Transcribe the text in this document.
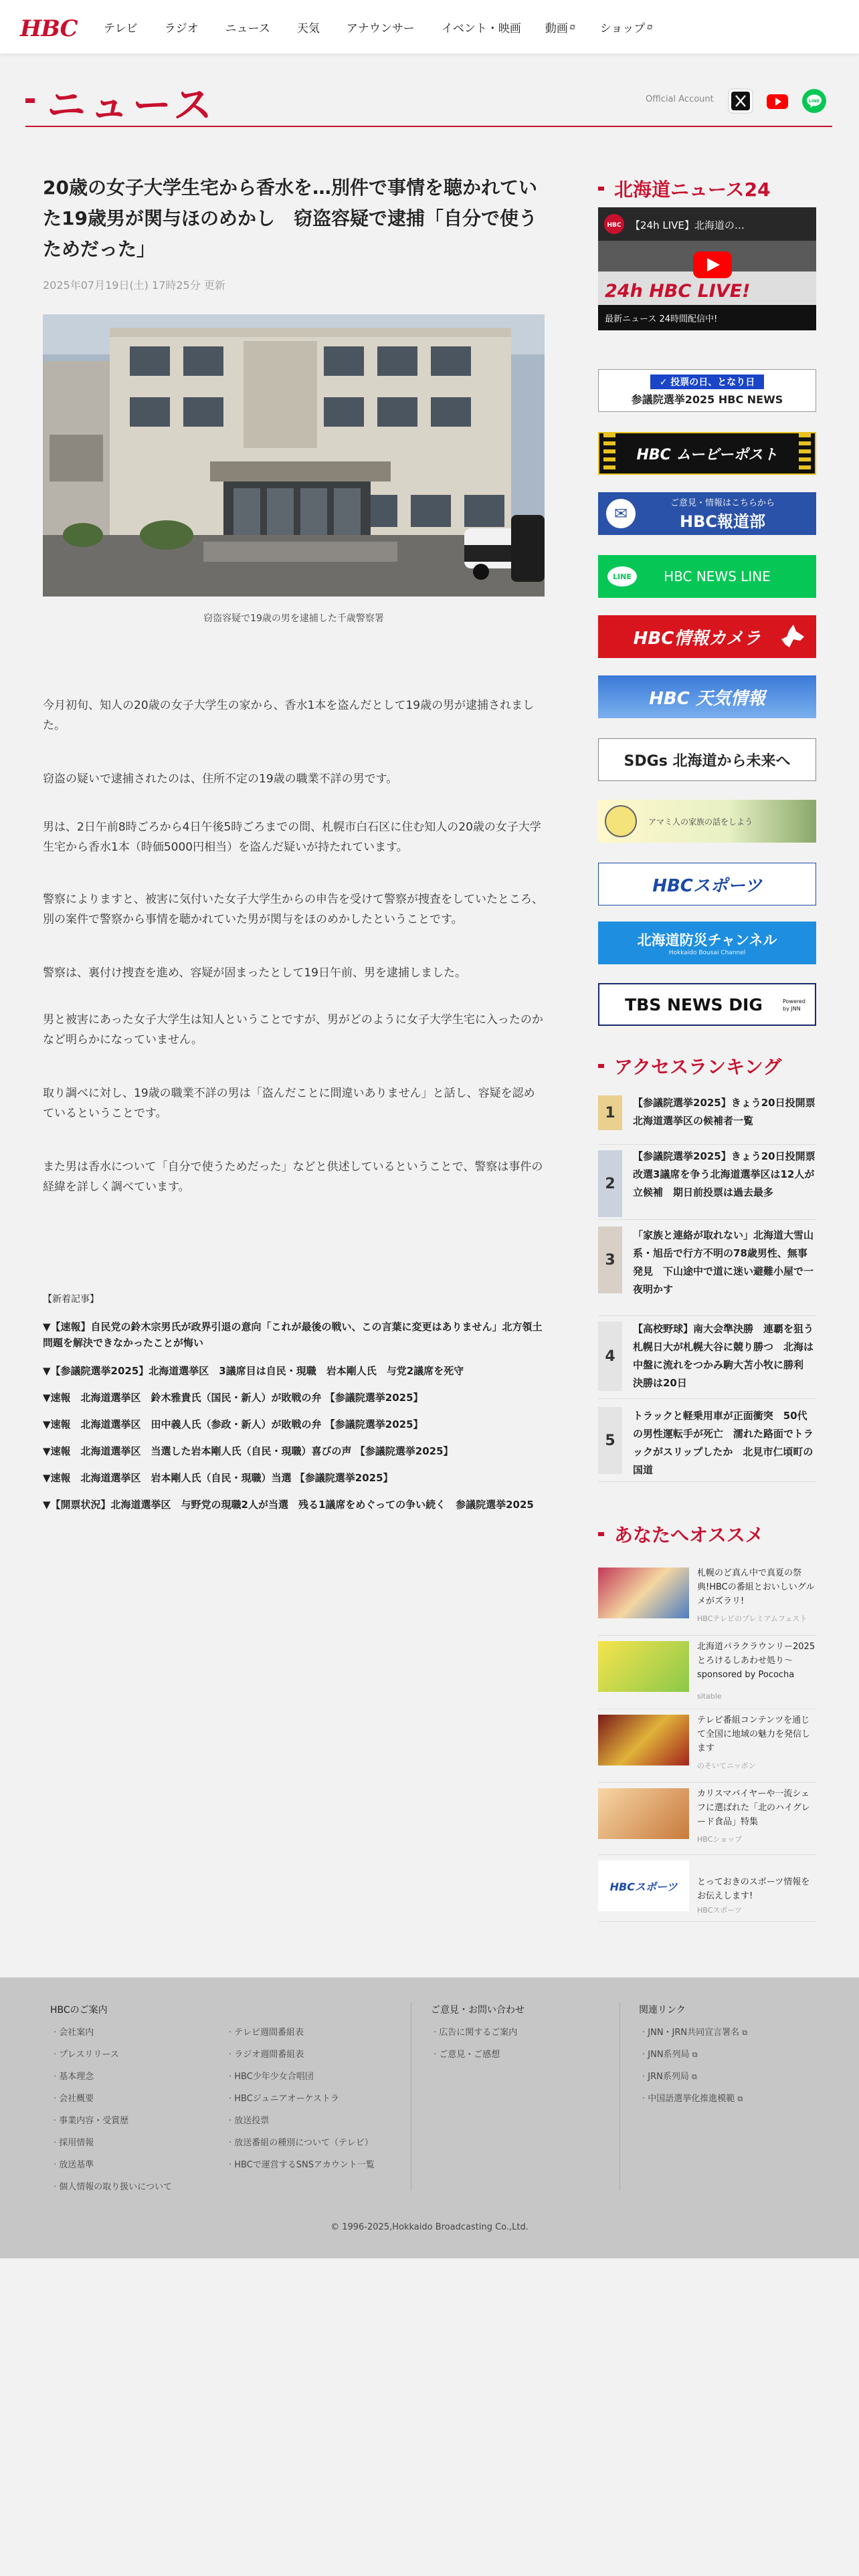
HBC テレビ ラジオ ニュース 天気 アナウンサー イベント・映画 動画 ⧉ ショップ ⧉
ニュース	Official Account	LINE
20歳の女子大学生宅から香水を…別件で事情を聴かれていた19歳男が関与ほのめかし　窃盗容疑で逮捕「自分で使うためだった」
2025年07月19日(土) 17時25分 更新
窃盗容疑で19歳の男を逮捕した千歳警察署

今月初旬、知人の20歳の女子大学生の家から、香水1本を盗んだとして19歳の男が逮捕されました。

窃盗の疑いで逮捕されたのは、住所不定の19歳の職業不詳の男です。

男は、2日午前8時ごろから4日午後5時ごろまでの間、札幌市白石区に住む知人の20歳の女子大学生宅から香水1本（時価5000円相当）を盗んだ疑いが持たれています。

警察によりますと、被害に気付いた女子大学生からの申告を受けて警察が捜査をしていたところ、別の案件で警察から事情を聴かれていた男が関与をほのめかしたということです。

警察は、裏付け捜査を進め、容疑が固まったとして19日午前、男を逮捕しました。

男と被害にあった女子大学生は知人ということですが、男がどのように女子大学生宅に入ったのかなど明らかになっていません。

取り調べに対し、19歳の職業不詳の男は「盗んだことに間違いありません」と話し、容疑を認めているということです。

また男は香水について「自分で使うためだった」などと供述しているということで、警察は事件の経緯を詳しく調べています。

【新着記事】
▼【速報】自民党の鈴木宗男氏が政界引退の意向「これが最後の戦い、この言葉に変更はありません」北方領土問題を解決できなかったことが悔い
▼【参議院選挙2025】北海道選挙区　3議席目は自民・現職　岩本剛人氏　与党2議席を死守
▼速報　北海道選挙区　鈴木雅貴氏（国民・新人）が敗戦の弁 【参議院選挙2025】
▼速報　北海道選挙区　田中義人氏（参政・新人）が敗戦の弁 【参議院選挙2025】
▼速報　北海道選挙区　当選した岩本剛人氏（自民・現職）喜びの声 【参議院選挙2025】
▼速報　北海道選挙区　岩本剛人氏（自民・現職）当選 【参議院選挙2025】
▼【開票状況】北海道選挙区　与野党の現職2人が当選　残る1議席をめぐっての争い続く　参議院選挙2025
北海道ニュース24
HBC 【24h LIVE】北海道の…
24h HBC LIVE!
最新ニュース 24時間配信中!
✓ 投票の日、となり日
参議院選挙2025 HBC NEWS
HBC ムービーポスト
✉
ご意見・情報はこちらから
HBC報道部
LINE	HBC NEWS LINE
HBC情報カメラ
HBC 天気情報
SDGs 北海道から未来へ
アマミ人の家族の話をしよう
HBCスポーツ
北海道防災チャンネル
Hokkaido Bousai Channel
TBS NEWS DIG	Powered by JNN
アクセスランキング
1
【参議院選挙2025】きょう20日投開票　北海道選挙区の候補者一覧
2
【参議院選挙2025】きょう20日投開票　改選3議席を争う北海道選挙区は12人が立候補　期日前投票は過去最多
3
「家族と連絡が取れない」北海道大雪山系・旭岳で行方不明の78歳男性、無事発見　下山途中で道に迷い避難小屋で一夜明かす
4
【高校野球】南大会準決勝　連覇を狙う札幌日大が札幌大谷に競り勝つ　北海は中盤に流れをつかみ駒大苫小牧に勝利　決勝は20日
5
トラックと軽乗用車が正面衝突　50代の男性運転手が死亡　濡れた路面でトラックがスリップしたか　北見市仁頃町の国道
あなたへオススメ
札幌のど真ん中で真夏の祭典!HBCの番組とおいしいグルメがズラリ!
HBCテレビのプレミアムフェスト
北海道パラクラウンリー2025 とろけるしあわせ処り～sponsored by Pococha
sitable
テレビ番組コンテンツを通じて全国に地域の魅力を発信します
のそいてニッポン
カリスマバイヤーや一流シェフに選ばれた「北のハイグレード食品」特集
HBCショップ
HBCスポーツ とっておきのスポーツ情報をお伝えします!
HBCスポーツ
HBCのご案内
· 会社案内
· プレスリリース
· 基本理念
· 会社概要
· 事業内容・受賞歴
· 採用情報
· 放送基準
· 個人情報の取り扱いについて
· テレビ週間番組表
· ラジオ週間番組表
· HBC少年少女合唱団
· HBCジュニアオーケストラ
· 放送投票
· 放送番組の種別について（テレビ）
· HBCで運営するSNSアカウント一覧
ご意見・お問い合わせ
· 広告に関するご案内
· ご意見・ご感想
関連リンク
· JNN・JRN共同宣言署名 ⧉
· JNN系列局 ⧉
· JRN系列局 ⧉
· 中国語選挙化推進模範 ⧉
© 1996-2025,Hokkaido Broadcasting Co.,Ltd.
